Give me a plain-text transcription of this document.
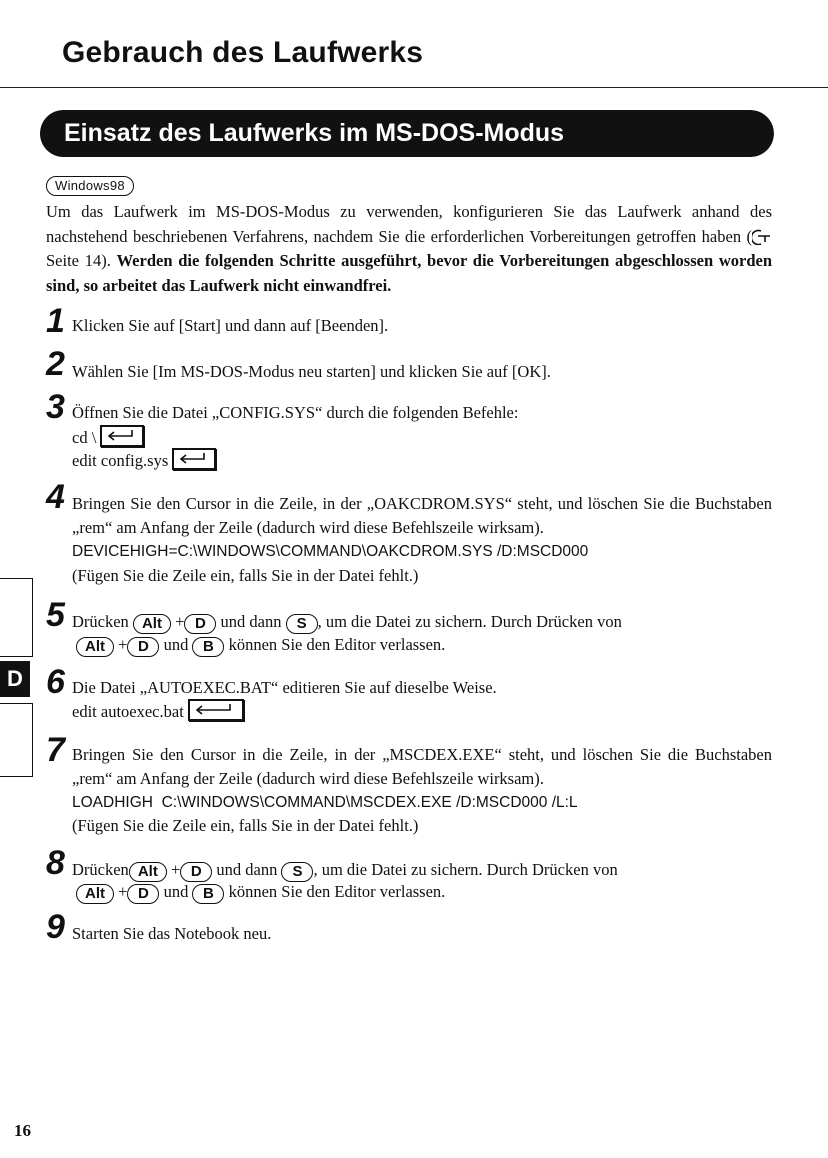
Gebrauch des Laufwerks
Einsatz des Laufwerks im MS-DOS-Modus
Windows98

Um das Laufwerk im MS-DOS-Modus zu verwenden, konfigurieren Sie das Laufwerk anhand des nachstehend beschriebenen Verfahrens, nachdem Sie die erforderlichen Vorbereitungen getroffen haben ( Seite 14). Werden die folgenden Schritte ausgeführt, bevor die Vorbereitungen abgeschlossen worden sind, so arbeitet das Laufwerk nicht einwandfrei.

1 Klicken Sie auf [Start] und dann auf [Beenden].

2 Wählen Sie [Im MS-DOS-Modus neu starten] und klicken Sie auf [OK].

3 Öffnen Sie die Datei „CONFIG.SYS“ durch die folgenden Befehle:

cd \
edit config.sys
4 Bringen Sie den Cursor in die Zeile, in der „OAKCDROM.SYS“ steht, und löschen Sie die Buchstaben „rem“ am Anfang der Zeile (dadurch wird diese Befehlszeile wirksam).

DEVICEHIGH=C:\WINDOWS\COMMAND\OAKCDROM.SYS /D:MSCD000

(Fügen Sie die Zeile ein, falls Sie in der Datei fehlt.)

5 Drücken Alt + D und dann S , um die Datei zu sichern. Durch Drücken von
Alt + D und B können Sie den Editor verlassen.
D 6 Die Datei „AUTOEXEC.BAT“ editieren Sie auf dieselbe Weise.

edit autoexec.bat
7 Bringen Sie den Cursor in die Zeile, in der „MSCDEX.EXE“ steht, und löschen Sie die Buchstaben „rem“ am Anfang der Zeile (dadurch wird diese Befehlszeile wirksam).

LOADHIGH  C:\WINDOWS\COMMAND\MSCDEX.EXE /D:MSCD000 /L:L

(Fügen Sie die Zeile ein, falls Sie in der Datei fehlt.)

8 Drücken Alt + D und dann S , um die Datei zu sichern. Durch Drücken von
Alt + D und B können Sie den Editor verlassen.
9 Starten Sie das Notebook neu.

16
